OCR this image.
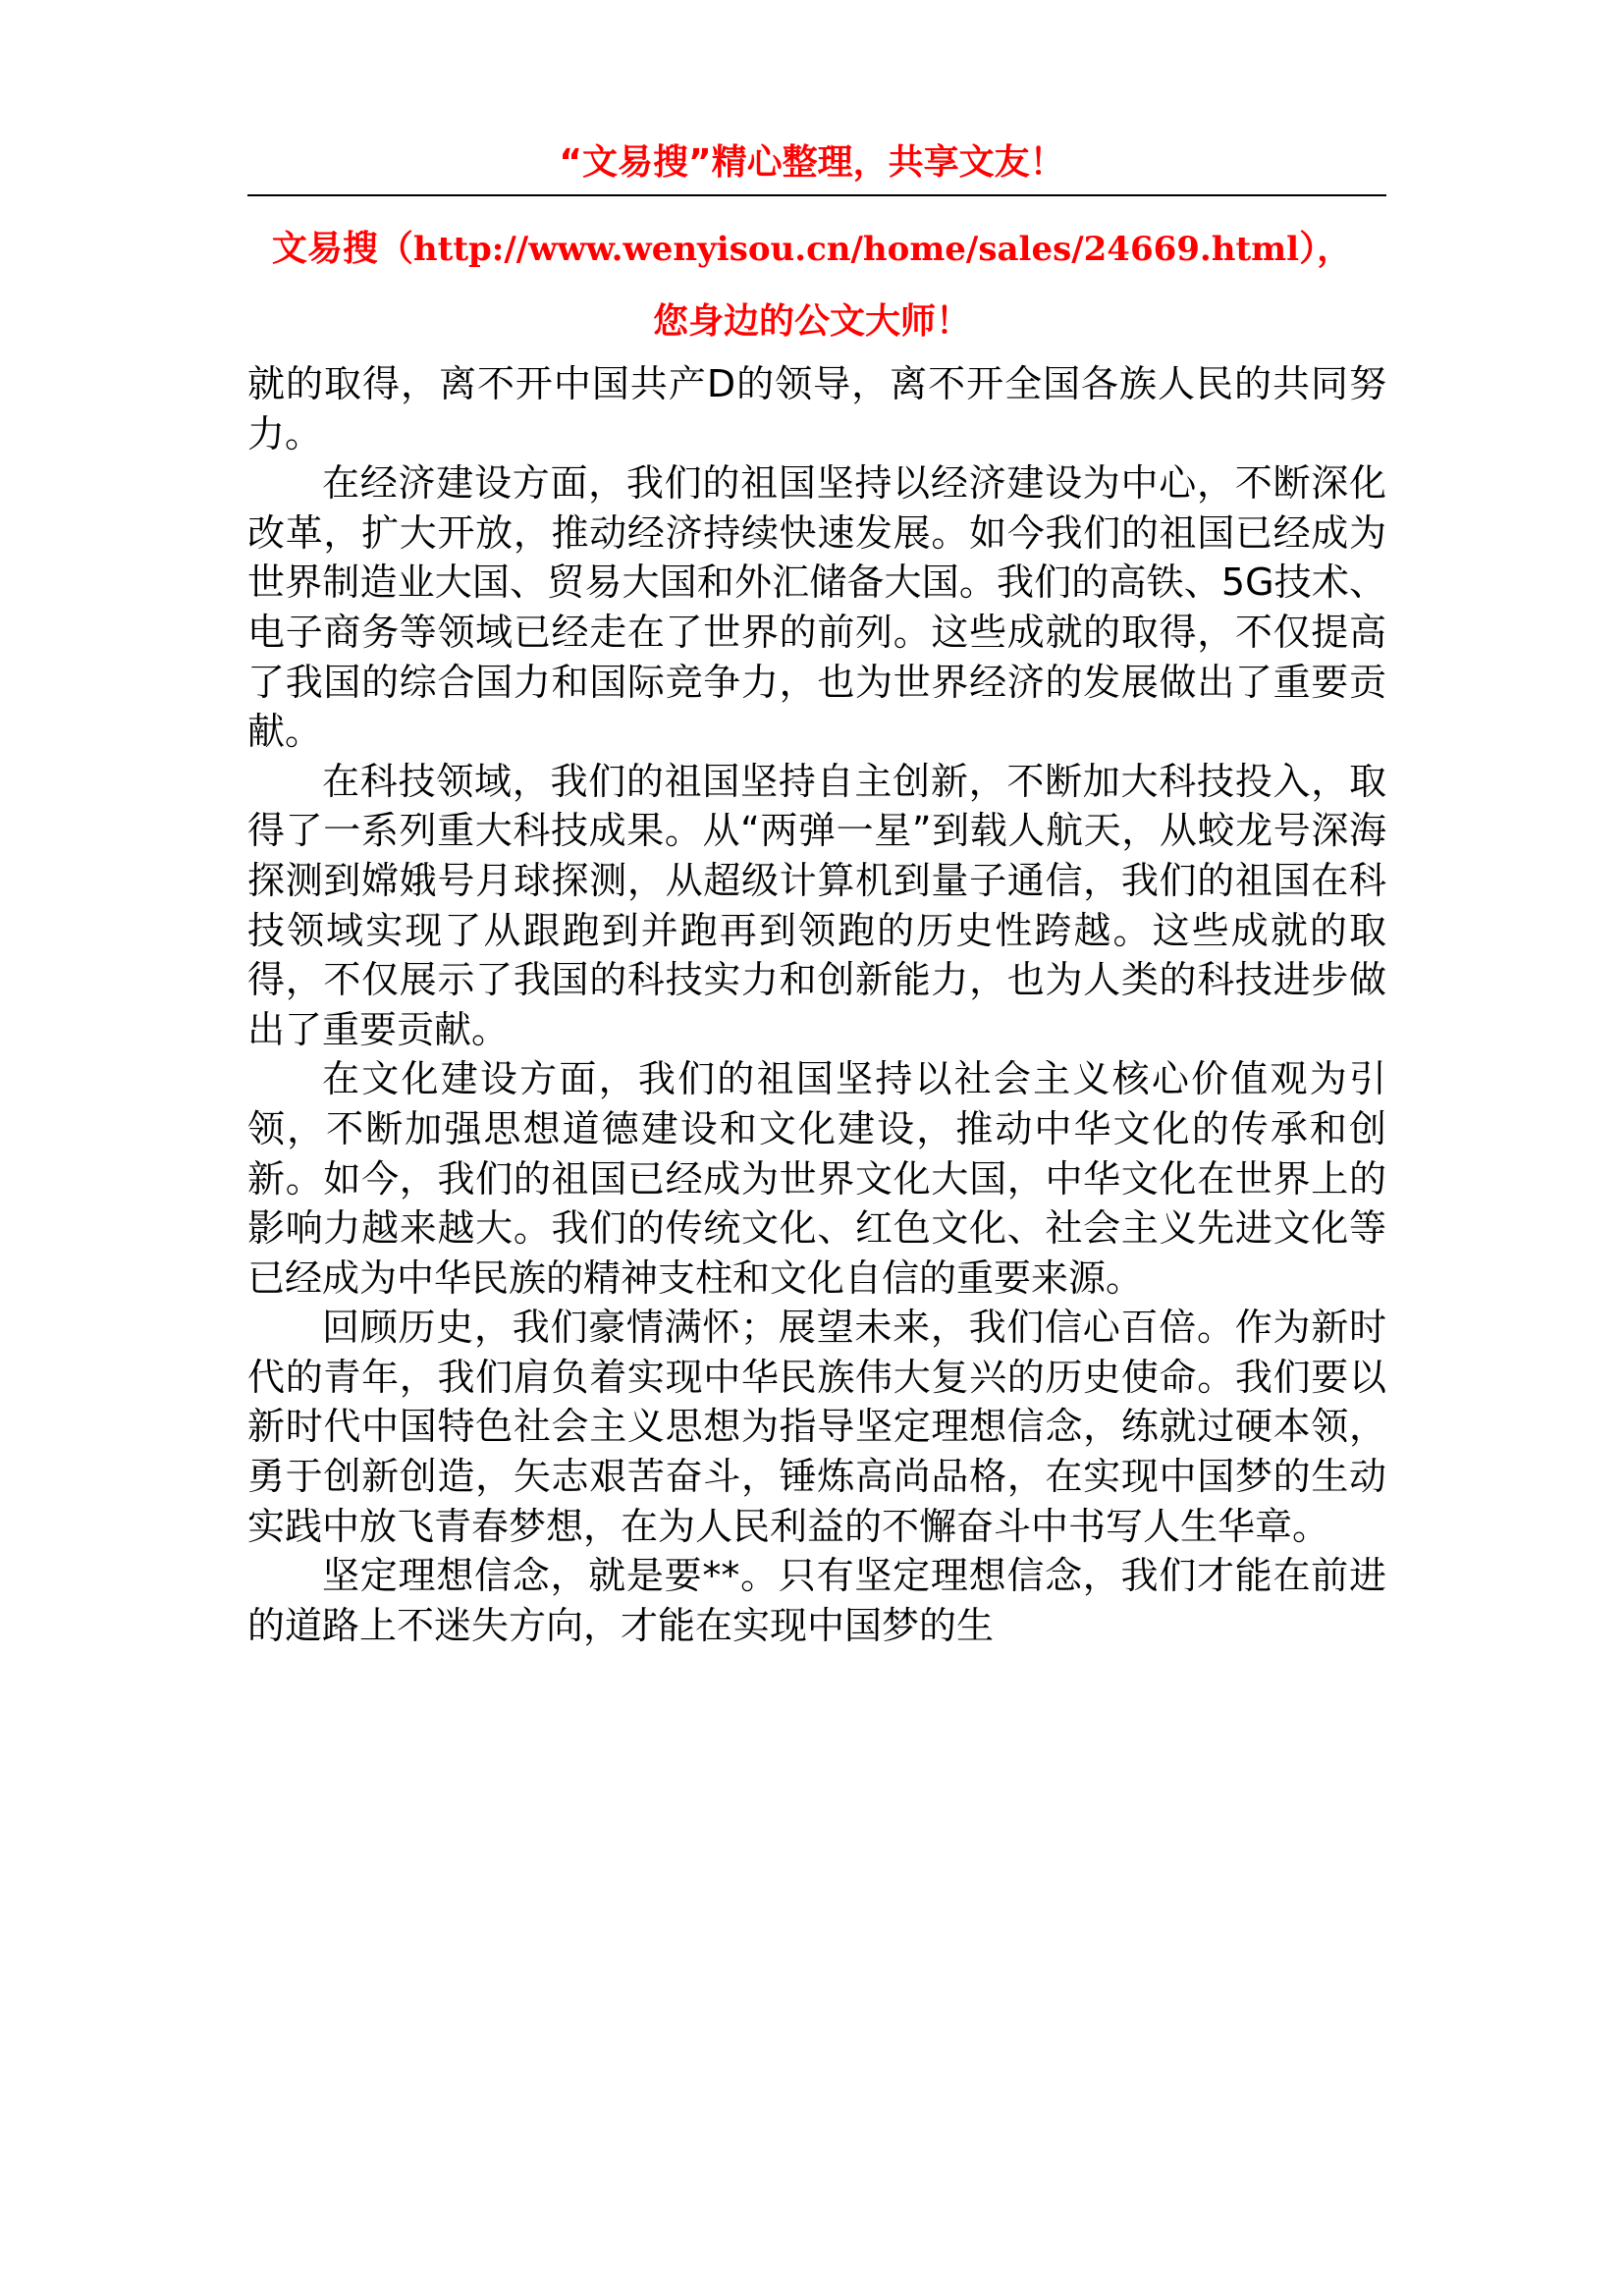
“文易搜”精心整理，共享文友！
文易搜（http://www.wenyisou.cn/home/sales/24669.html），
您身边的公文大师！

就的取得，离不开中国共产D的领导，离不开全国各族人民的共同努力。

在经济建设方面，我们的祖国坚持以经济建设为中心，不断深化改革，扩大开放，推动经济持续快速发展。如今我们的祖国已经成为世界制造业大国、贸易大国和外汇储备大国。我们的高铁、5G技术、电子商务等领域已经走在了世界的前列。这些成就的取得，不仅提高了我国的综合国力和国际竞争力，也为世界经济的发展做出了重要贡献。

在科技领域，我们的祖国坚持自主创新，不断加大科技投入，取得了一系列重大科技成果。从“两弹一星”到载人航天，从蛟龙号深海探测到嫦娥号月球探测，从超级计算机到量子通信，我们的祖国在科技领域实现了从跟跑到并跑再到领跑的历史性跨越。这些成就的取得，不仅展示了我国的科技实力和创新能力，也为人类的科技进步做出了重要贡献。

在文化建设方面，我们的祖国坚持以社会主义核心价值观为引领，不断加强思想道德建设和文化建设，推动中华文化的传承和创新。如今，我们的祖国已经成为世界文化大国，中华文化在世界上的影响力越来越大。我们的传统文化、红色文化、社会主义先进文化等已经成为中华民族的精神支柱和文化自信的重要来源。

回顾历史，我们豪情满怀；展望未来，我们信心百倍。作为新时代的青年，我们肩负着实现中华民族伟大复兴的历史使命。我们要以新时代中国特色社会主义思想为指导坚定理想信念，练就过硬本领，勇于创新创造，矢志艰苦奋斗，锤炼高尚品格，在实现中国梦的生动实践中放飞青春梦想，在为人民利益的不懈奋斗中书写人生华章。

坚定理想信念，就是要**。只有坚定理想信念，我们才能在前进的道路上不迷失方向，才能在实现中国梦的生
